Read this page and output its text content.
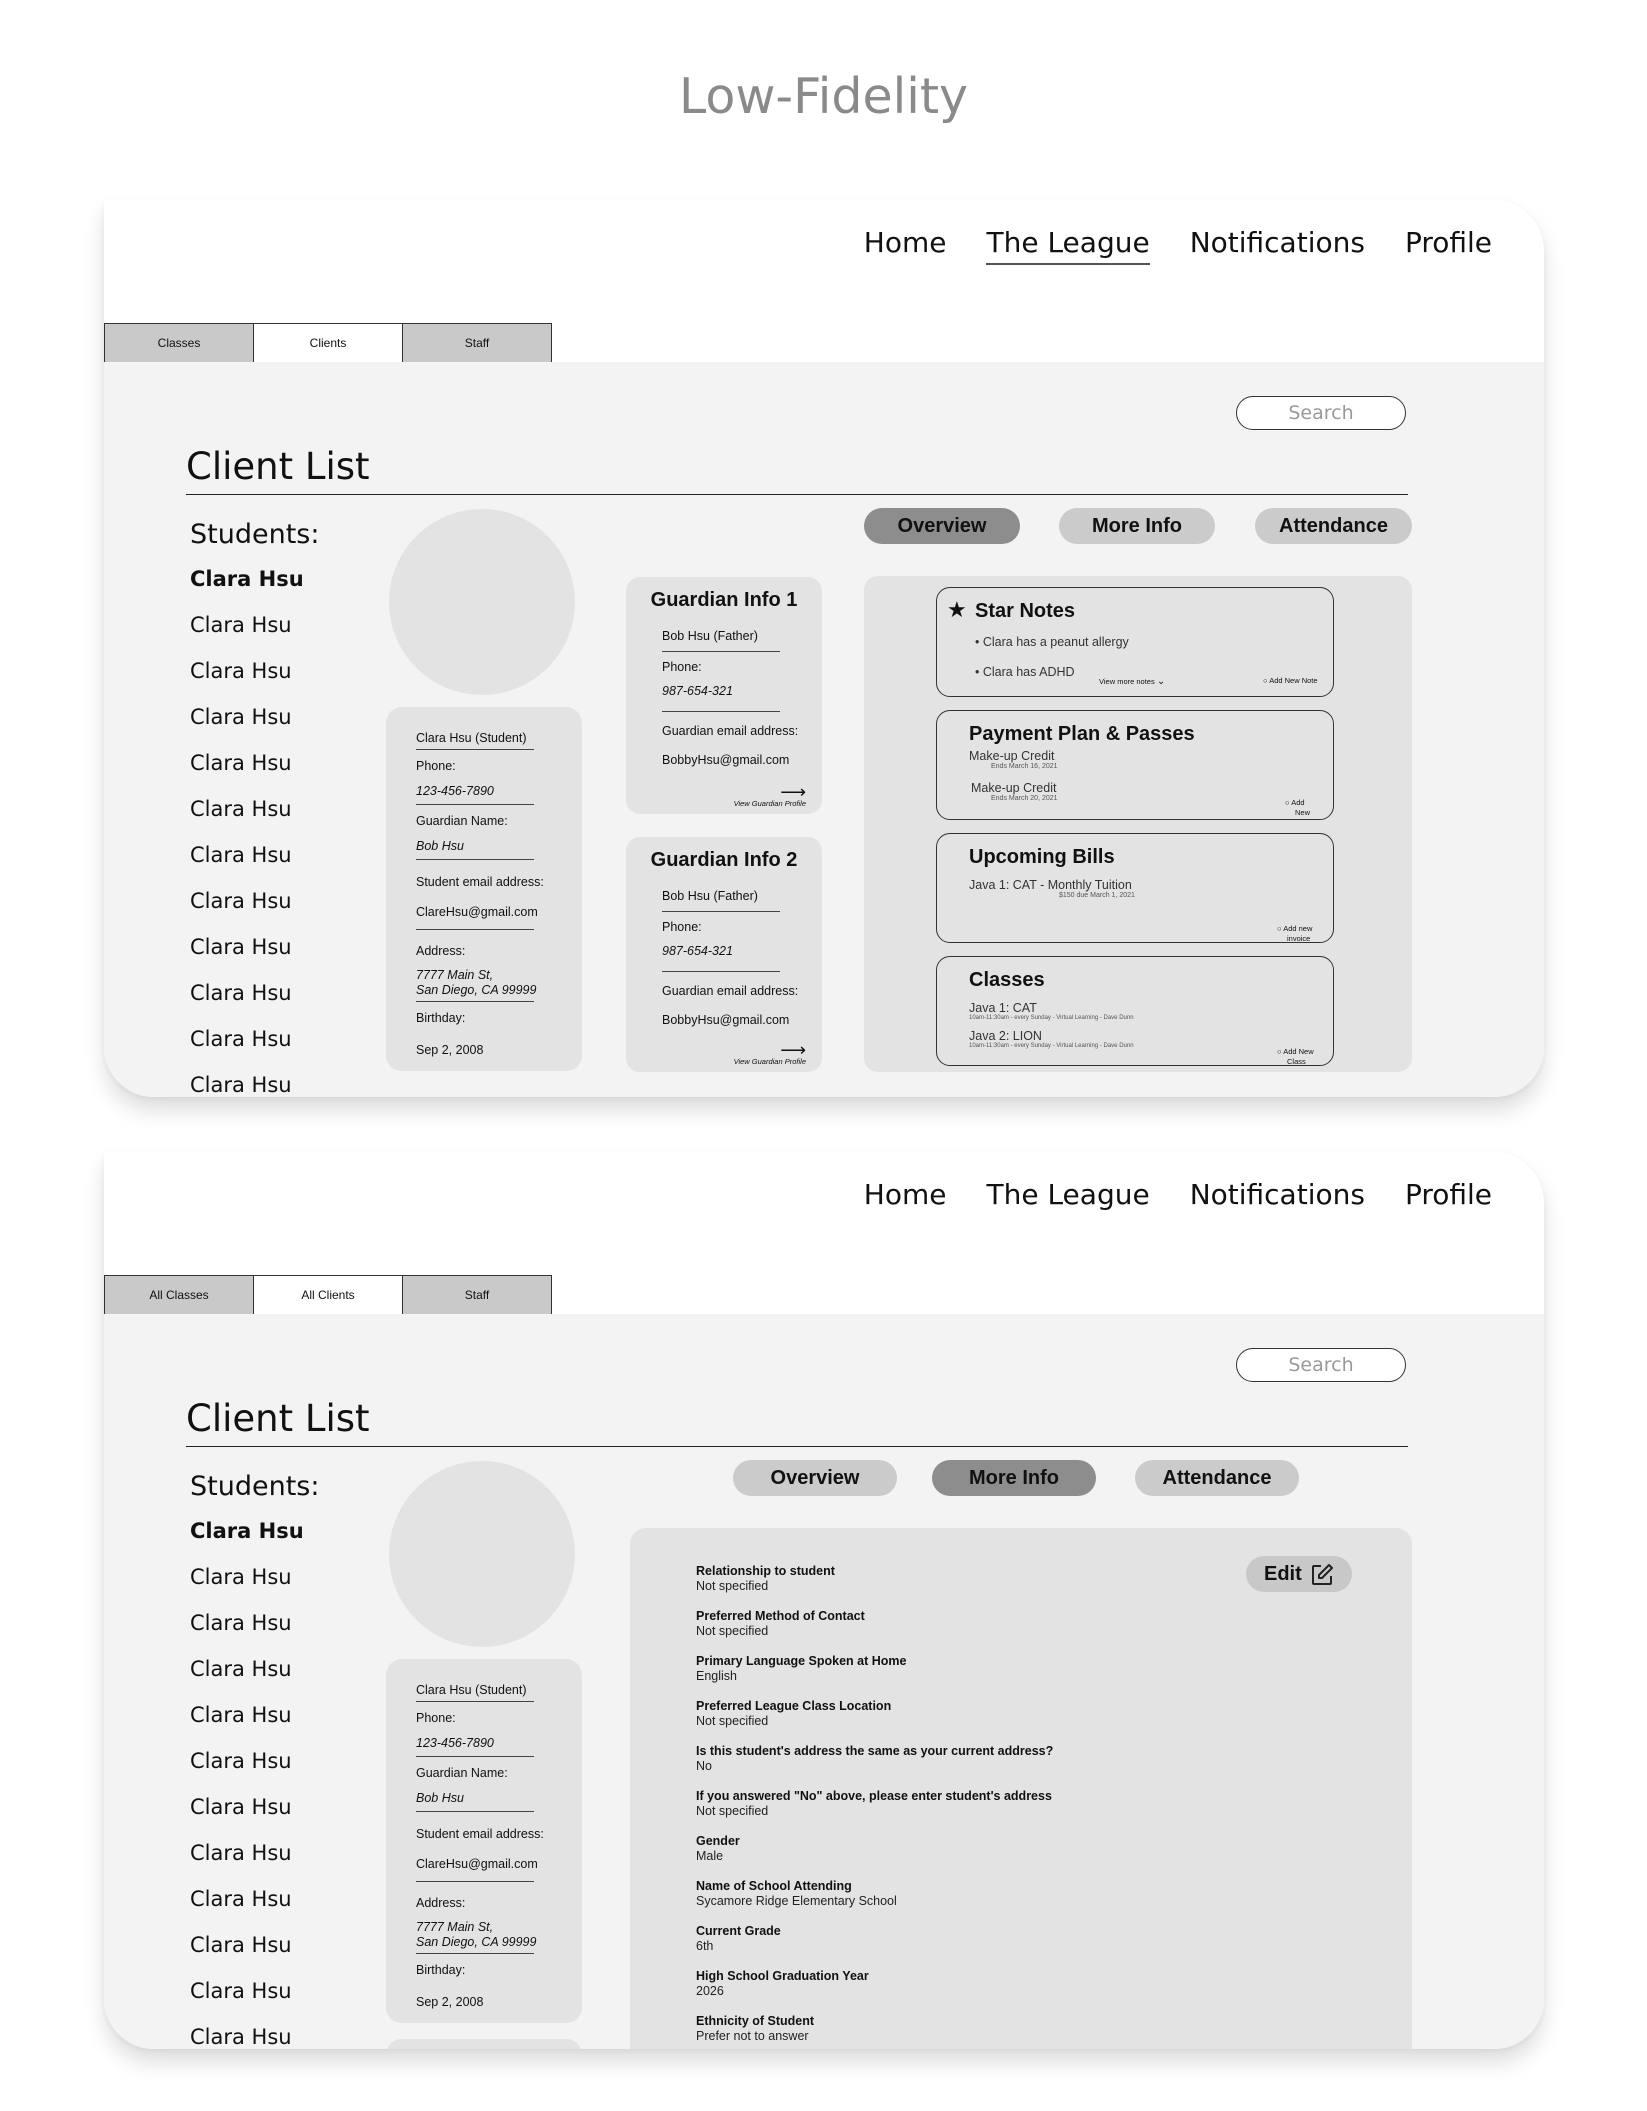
Low-Fidelity
Home The League Notifications Profile
Classes	Clients	Staff
Search
Client List
Students:
Clara Hsu
Clara Hsu
Clara Hsu
Clara Hsu
Clara Hsu
Clara Hsu
Clara Hsu
Clara Hsu
Clara Hsu
Clara Hsu
Clara Hsu
Clara Hsu
Clara Hsu (Student)
Phone:
123-456-7890
Guardian Name:
Bob Hsu
Student email address:
ClareHsu@gmail.com
Address:
7777 Main St,
San Diego, CA 99999
Birthday:
Sep 2, 2008
Guardian Info 1
Bob Hsu (Father)
Phone:
987-654-321
Guardian email address:
BobbyHsu@gmail.com
⟶
View Guardian Profile
Guardian Info 2
Bob Hsu (Father)
Phone:
987-654-321
Guardian email address:
BobbyHsu@gmail.com
⟶
View Guardian Profile
Overview	More Info	Attendance
★ Star Notes
• Clara has a peanut allergy
• Clara has ADHD
View more notes ⌄	○ Add New Note
Payment Plan & Passes
Make-up Credit
Ends March 16, 2021
Make-up Credit
Ends March 20, 2021	○ Add
New
Upcoming Bills
Java 1: CAT - Monthly Tuition
$150 due March 1, 2021
○ Add new
invoice
Classes
Java 1: CAT
10am-11:30am - every Sunday - Virtual Learning - Dave Dunn
Java 2: LION
10am-11:30am - every Sunday - Virtual Learning - Dave Dunn
○ Add New
Class
Home The League Notifications Profile
All Classes	All Clients	Staff
Search
Client List
Students:
Clara Hsu
Clara Hsu
Clara Hsu
Clara Hsu
Clara Hsu
Clara Hsu
Clara Hsu
Clara Hsu
Clara Hsu
Clara Hsu
Clara Hsu
Clara Hsu
Clara Hsu (Student)
Phone:
123-456-7890
Guardian Name:
Bob Hsu
Student email address:
ClareHsu@gmail.com
Address:
7777 Main St,
San Diego, CA 99999
Birthday:
Sep 2, 2008
Overview	More Info	Attendance
Edit
Relationship to student
Not specified
Preferred Method of Contact
Not specified
Primary Language Spoken at Home
English
Preferred League Class Location
Not specified
Is this student's address the same as your current address?
No
If you answered "No" above, please enter student's address
Not specified
Gender
Male
Name of School Attending
Sycamore Ridge Elementary School
Current Grade
6th
High School Graduation Year
2026
Ethnicity of Student
Prefer not to answer
